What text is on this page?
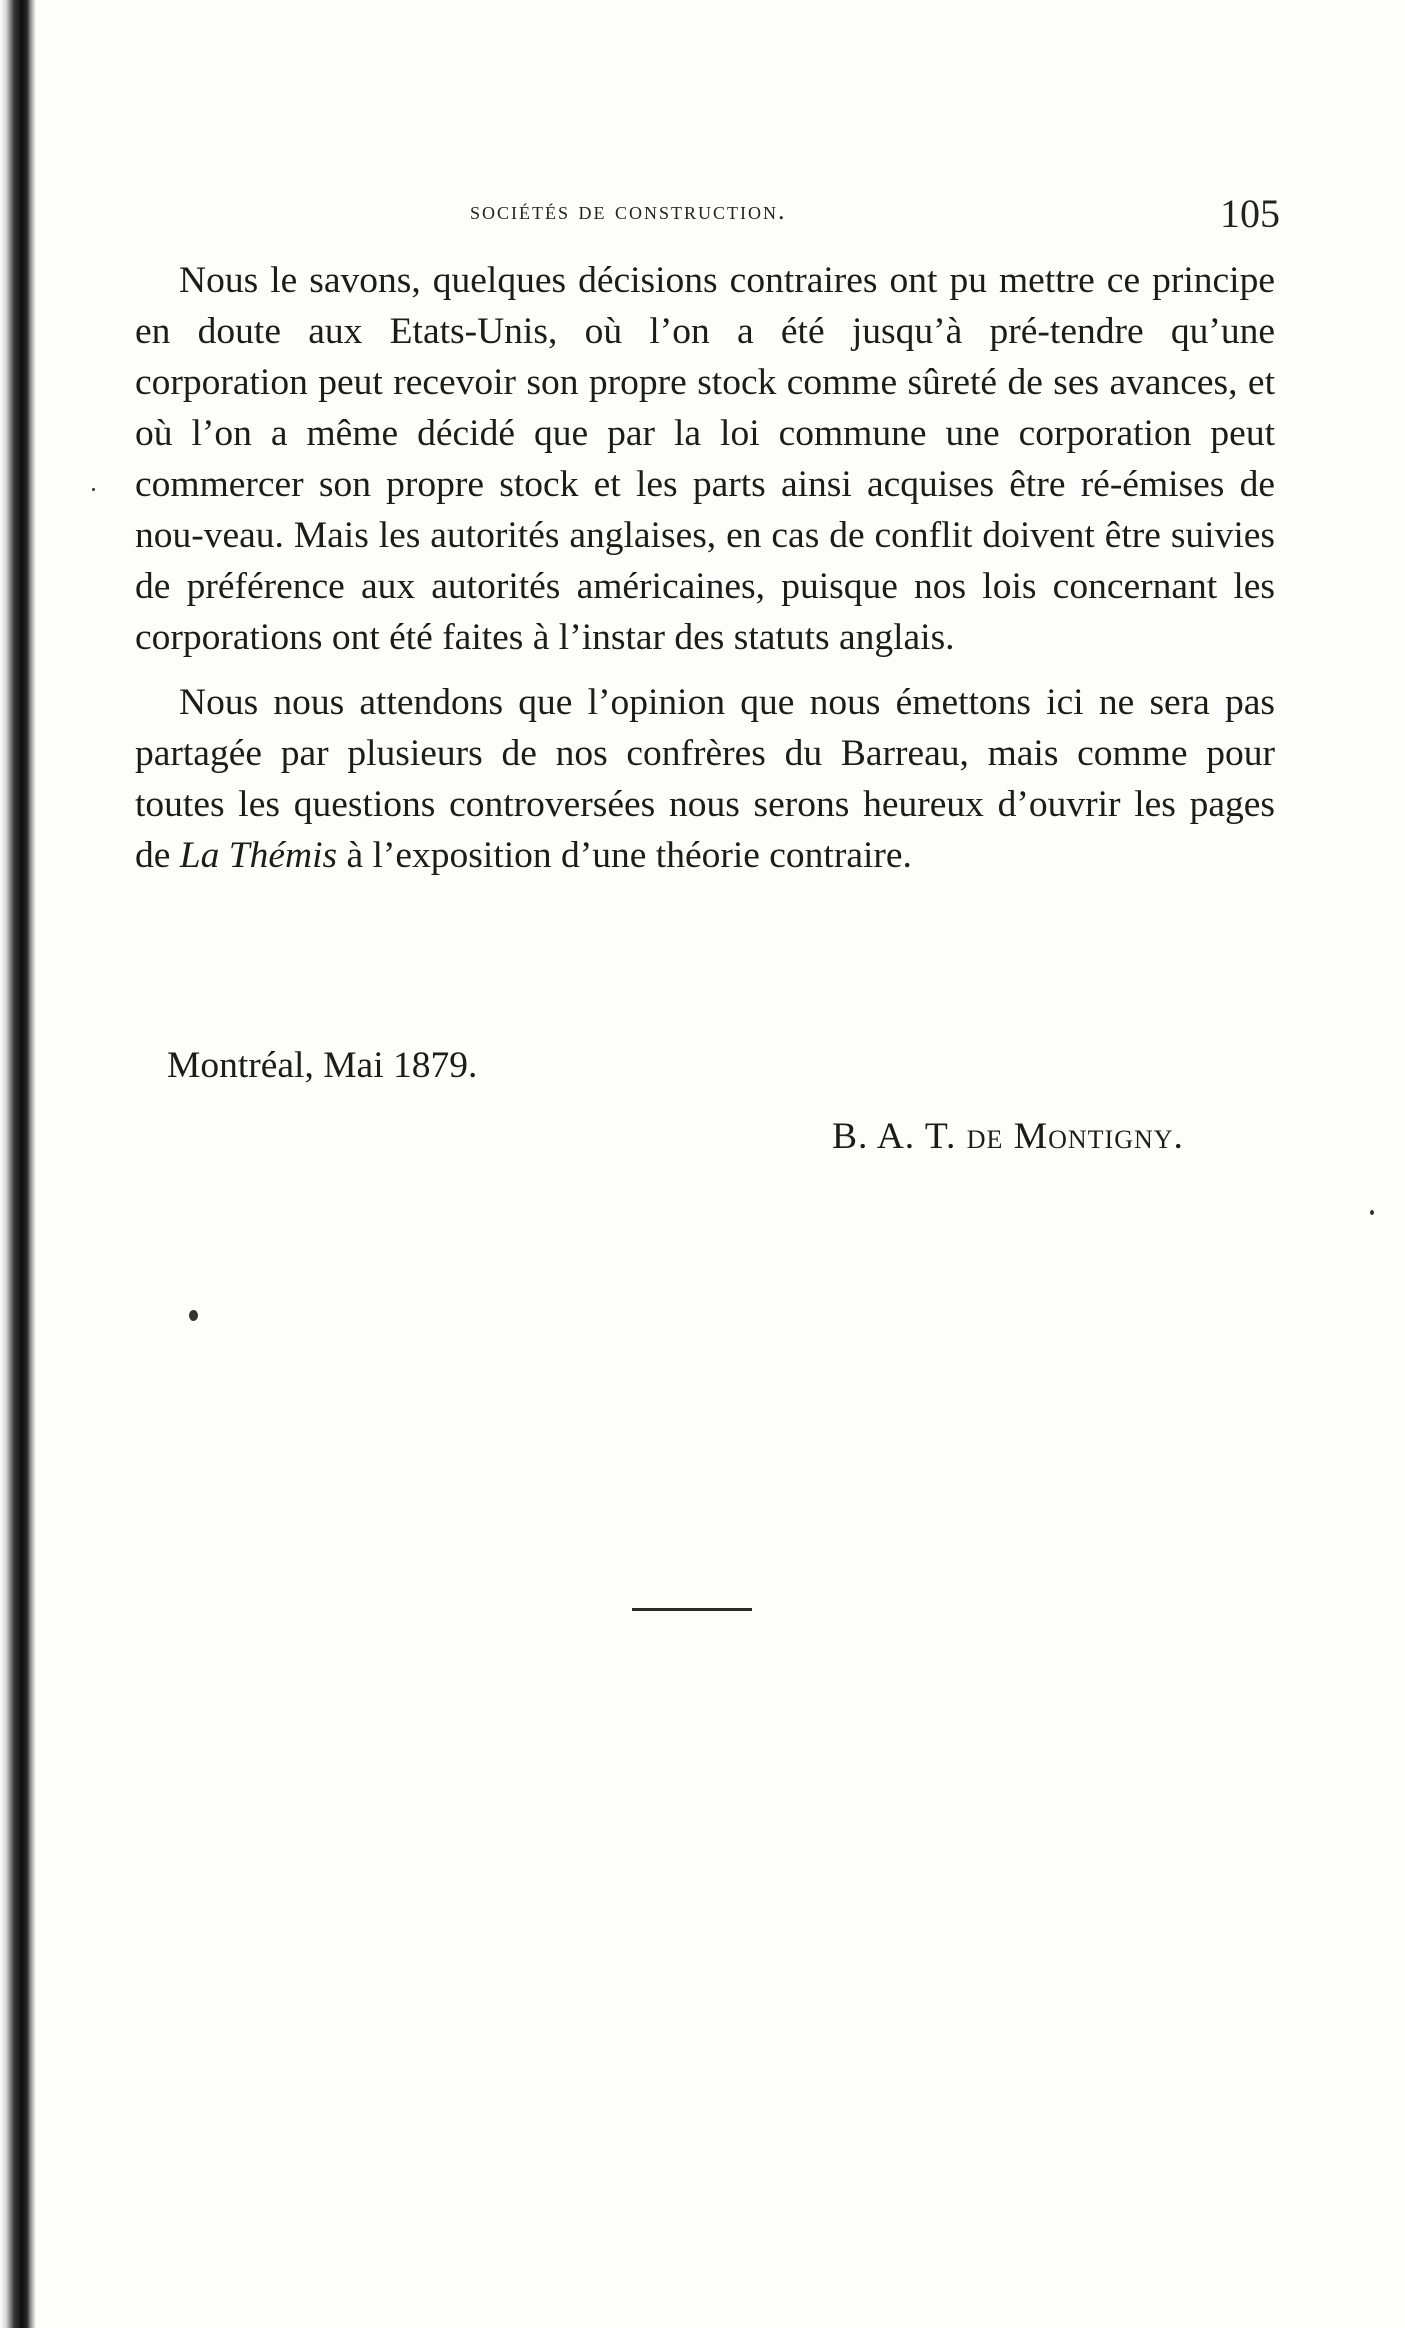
sociétés de construction.	105

Nous le savons, quelques décisions contraires ont pu mettre ce principe en doute aux Etats-Unis, où l’on a été jusqu’à pré-tendre qu’une corporation peut recevoir son propre stock comme sûreté de ses avances, et où l’on a même décidé que par la loi commune une corporation peut commercer son propre stock et les parts ainsi acquises être ré-émises de nou-veau. Mais les autorités anglaises, en cas de conflit doivent être suivies de préférence aux autorités américaines, puisque nos lois concernant les corporations ont été faites à l’instar des statuts anglais.

Nous nous attendons que l’opinion que nous émettons ici ne sera pas partagée par plusieurs de nos confrères du Barreau, mais comme pour toutes les questions controversées nous serons heureux d’ouvrir les pages de La Thémis à l’exposition d’une théorie contraire.

Montréal, Mai 1879.
B. A. T. de Montigny.
